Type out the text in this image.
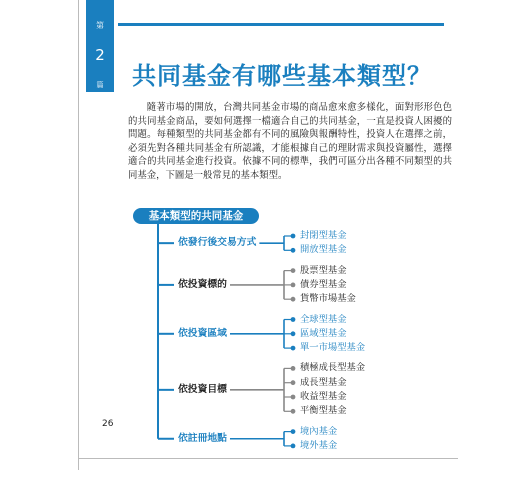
第
2
篇	共同基金有哪些基本類型？

隨著市場的開放，台灣共同基金市場的商品愈來愈多樣化，面對形形色色的共同基金商品，要如何選擇一檔適合自己的共同基金，一直是投資人困擾的問題。每種類型的共同基金都有不同的風險與報酬特性，投資人在選擇之前，必須先對各種共同基金有所認識，才能根據自己的理財需求與投資屬性，選擇適合的共同基金進行投資。依據不同的標準，我們可區分出各種不同類型的共同基金，下圖是一般常見的基本類型。

基本類型的共同基金
依發行後交易方式
封閉型基金
開放型基金
依投資標的
股票型基金
債券型基金
貨幣市場基金
依投資區域
全球型基金
區域型基金
單一市場型基金
依投資目標
積極成長型基金
成長型基金
收益型基金
平衡型基金
依註冊地點
境內基金
境外基金
26
